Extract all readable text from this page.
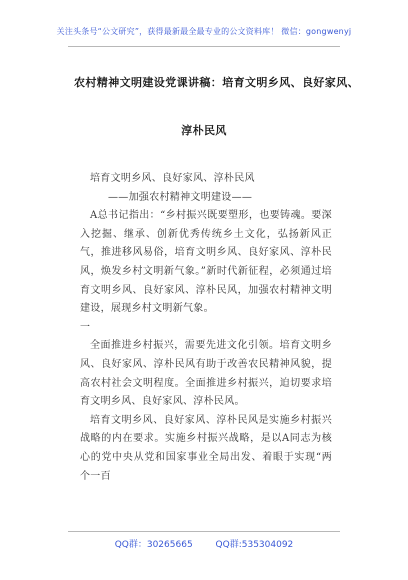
关注头条号“公文研究”，获得最新最全最专业的公文资料库！ 微信：gongwenyj
农村精神文明建设党课讲稿：培育文明乡风、良好家风、
淳朴民风

培育文明乡风、良好家风、淳朴民风

——加强农村精神文明建设——

A总书记指出：“乡村振兴既要塑形，也要铸魂。要深入挖掘、继承、创新优秀传统乡土文化，弘扬新风正气，推进移风易俗，培育文明乡风、良好家风、淳朴民风，焕发乡村文明新气象。”新时代新征程，必须通过培育文明乡风、良好家风、淳朴民风，加强农村精神文明建设，展现乡村文明新气象。

一

全面推进乡村振兴，需要先进文化引领。培育文明乡风、良好家风、淳朴民风有助于改善农民精神风貌，提高农村社会文明程度。全面推进乡村振兴，迫切要求培育文明乡风、良好家风、淳朴民风。

培育文明乡风、良好家风、淳朴民风是实施乡村振兴战略的内在要求。实施乡村振兴战略，是以A同志为核心的党中央从党和国家事业全局出发、着眼于实现“两个一百

QQ群：30265665	QQ群:535304092
